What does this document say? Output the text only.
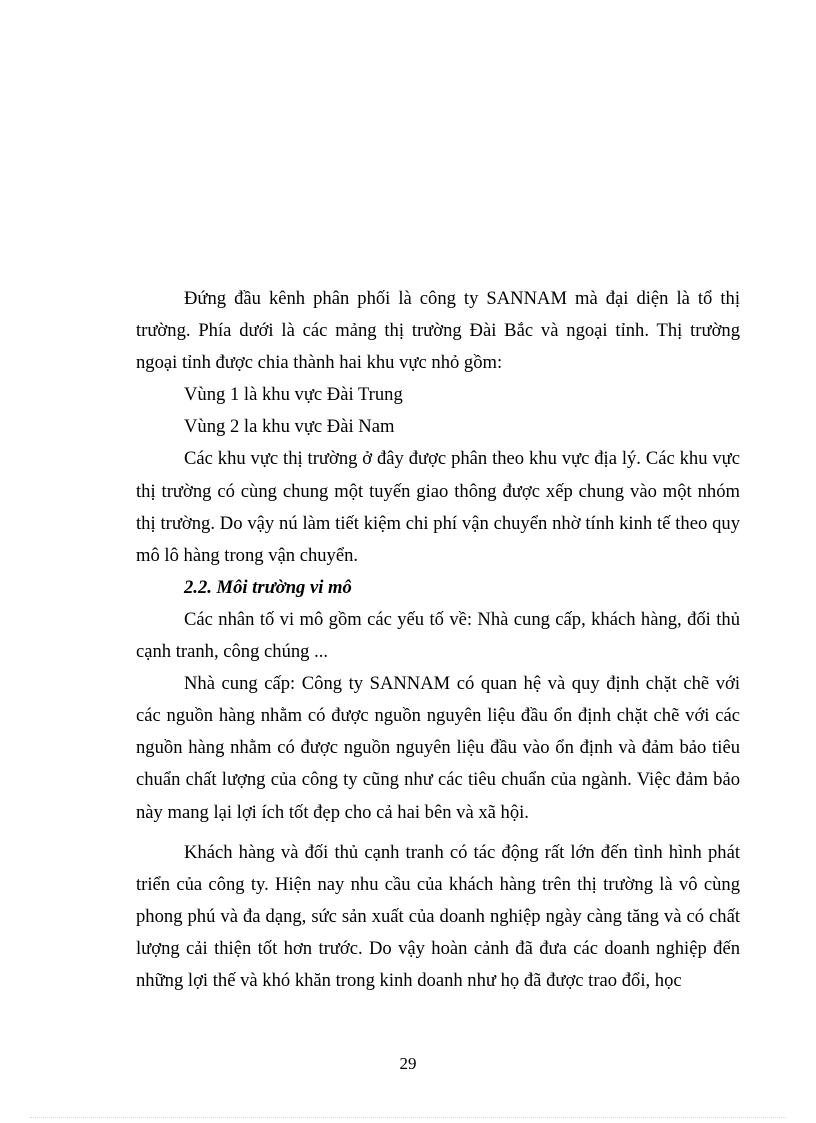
Đứng đầu kênh phân phối là công ty SANNAM mà đại diện là tổ thị trường. Phía dưới là các mảng thị trường Đài Bắc và ngoại tỉnh. Thị trường ngoại tỉnh được chia thành hai khu vực nhỏ gồm:

Vùng 1 là khu vực Đài Trung

Vùng 2 la khu vực Đài Nam

Các khu vực thị trường ở đây được phân theo khu vực địa lý. Các khu vực thị trường có cùng chung một tuyến giao thông được xếp chung vào một nhóm thị trường. Do vậy nú làm tiết kiệm chi phí vận chuyển nhờ tính kinh tế theo quy mô lô hàng trong vận chuyển.

2.2. Môi trường vi mô

Các nhân tố vi mô gồm các yếu tố về: Nhà cung cấp, khách hàng, đối thủ cạnh tranh, công chúng ...

Nhà cung cấp: Công ty SANNAM có quan hệ và quy định chặt chẽ với các nguồn hàng nhằm có được nguồn nguyên liệu đầu ổn định chặt chẽ với các nguồn hàng nhằm có được nguồn nguyên liệu đầu vào ổn định và đảm bảo tiêu chuẩn chất lượng của công ty cũng như các tiêu chuẩn của ngành. Việc đảm bảo này mang lại lợi ích tốt đẹp cho cả hai bên và xã hội.

Khách hàng và đối thủ cạnh tranh có tác động rất lớn đến tình hình phát triển của công ty. Hiện nay nhu cầu của khách hàng trên thị trường là vô cùng phong phú và đa dạng, sức sản xuất của doanh nghiệp ngày càng tăng và có chất lượng cải thiện tốt hơn trước. Do vậy hoàn cảnh đã đưa các doanh nghiệp đến những lợi thế và khó khăn trong kinh doanh như họ đã được trao đổi, học

29
